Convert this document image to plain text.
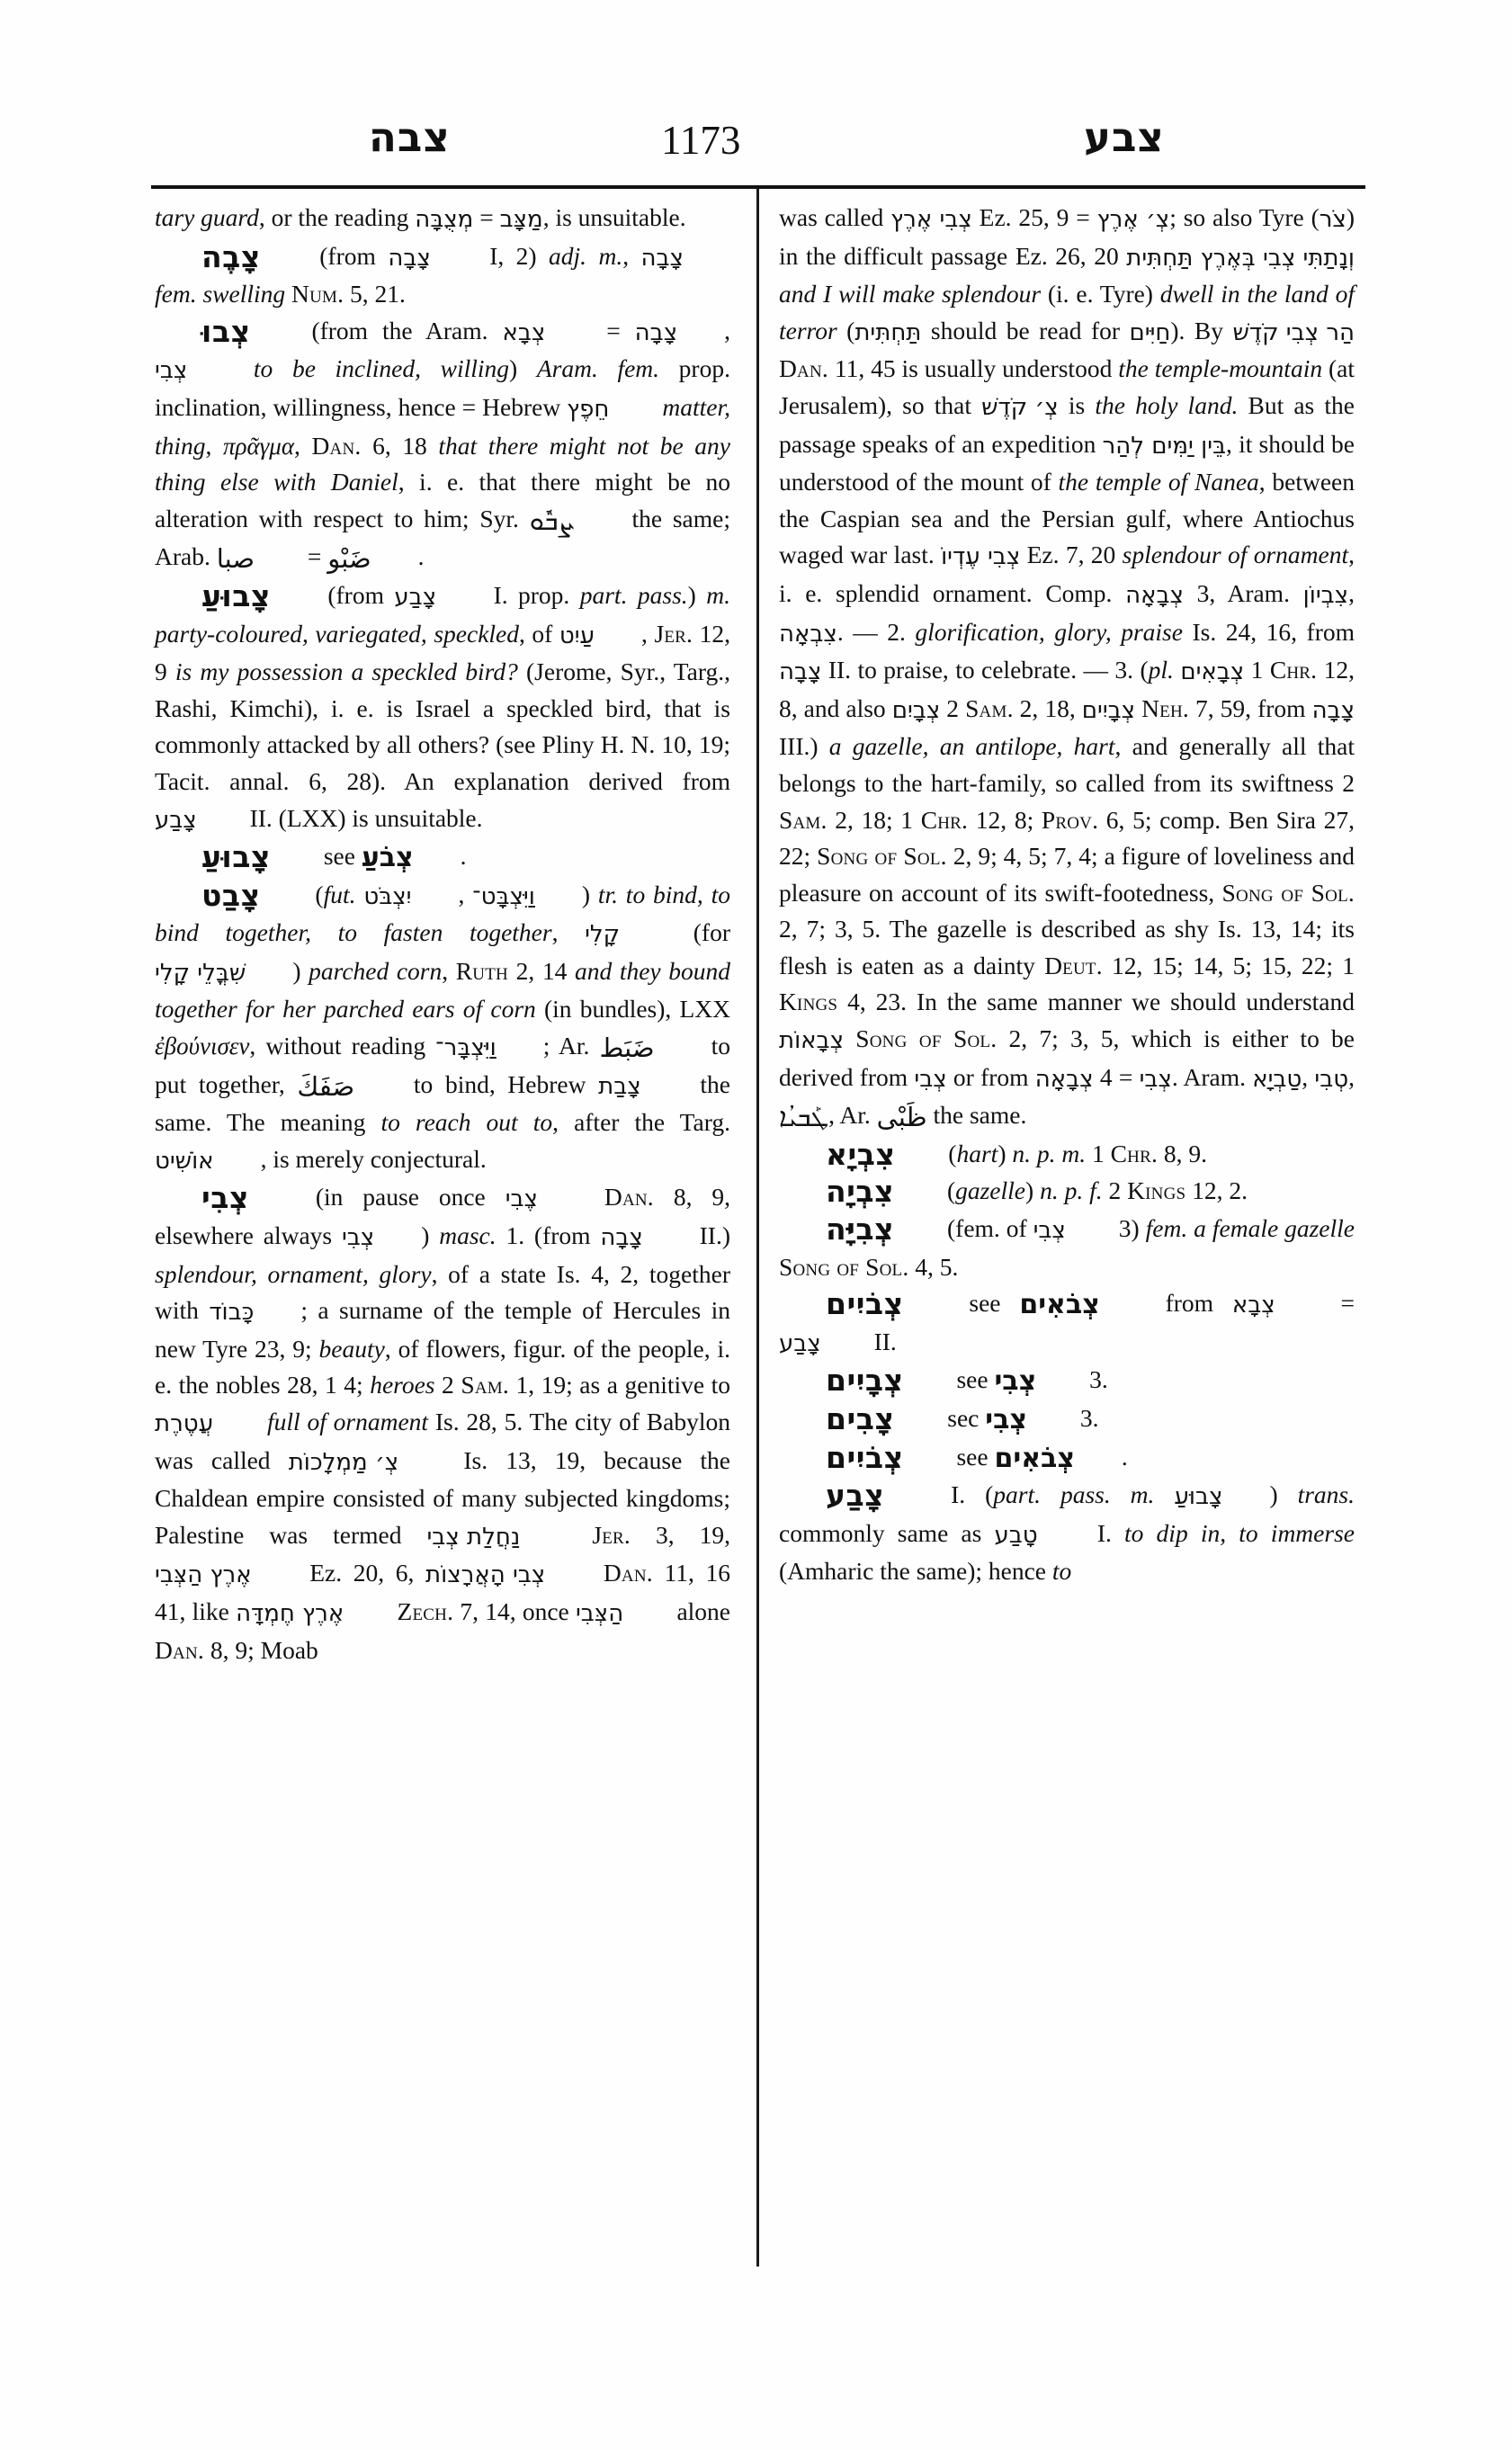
צבה	1173	צבע

tary guard, or the reading מְצֻבָּה = מַצָּב, is unsuitable.

צָבֶה (from צָבָה I, 2) adj. m., צָבָה fem. swelling Num. 5, 21.

צְבוּ (from the Aram. צְבָא = צָבָה , צְבִי	to be inclined, willing) Aram. fem. prop. inclination, willingness, hence = Hebrew חֵפֶץ matter, thing, πρᾶγμα, Dan. 6, 18 that there might not be any thing else with Daniel, i. e. that there might be no alteration with respect to him; Syr. ܨܒܽܘ the same; Arab. صبا = ضَبْو .

צָבוּעַ (from צָבַע I. prop. part. pass.) m. party-coloured, variegated, speckled, of עַיִט , Jer. 12, 9 is my possession a speckled bird? (Jerome, Syr., Targ., Rashi, Kimchi), i. e. is Israel a speckled bird, that is commonly attacked by all others? (see Pliny H. N. 10, 19; Tacit. annal. 6, 28). An explanation derived from צָבַע II. (LXX) is unsuitable.

צָבוּעַ see צְבֹעַ .

צָבַט (fut. יִצְבֹּט , וַיִּצְבָּט־ ) tr. to bind, to bind together, to fasten together, קָלִי (for שִׁבֳּלֵי קָלִי ) parched corn, Ruth 2, 14 and they bound together for her parched ears of corn (in bundles), LXX ἐβούνισεν, without reading וַיִּצְבָּר־ ; Ar. ضَبَط to put together, صَفَكَ to bind, Hebrew צָבַת the same. The meaning to reach out to, after the Targ. אוֹשִׁיט , is merely conjectural.

צְבִי (in pause once צֶבִי	Dan. 8, 9, elsewhere always צְבִי ) masc. 1. (from צָבָה II.) splendour, ornament, glory, of a state Is. 4, 2, together with כָּבוֹד ; a surname of the temple of Hercules in new Tyre 23, 9; beauty, of flowers, figur. of the people, i. e. the nobles 28, 1 4; heroes 2 Sam. 1, 19; as a genitive to עֲטֶרֶת full of ornament Is. 28, 5. The city of Babylon was called צְ׳ מַמְלָכוֹת Is. 13, 19, because the Chaldean empire consisted of many subjected kingdoms; Palestine was termed נַחֲלַת צְבִי	Jer. 3, 19, אֶרֶץ הַצְּבִי Ez. 20, 6, צְבִי הָאֲרָצוֹת Dan. 11, 16 41, like אֶרֶץ חֶמְדָּה Zech. 7, 14, once הַצְּבִי alone Dan. 8, 9; Moab

was called צְבִי אֶרֶץ Ez. 25, 9 = צְ׳ אֶרֶץ; so also Tyre (צֹר) in the difficult passage Ez. 26, 20 וְנָתַתִּי צְבִי בְּאֶרֶץ תַּחְתִּית and I will make splendour (i. e. Tyre) dwell in the land of terror (תַּחְתִּית should be read for חַיִּים). By הַר צְבִי קֹדֶשׁ Dan. 11, 45 is usually understood the temple-mountain (at Jerusalem), so that צְ׳ קֹדֶשׁ is the holy land. But as the passage speaks of an expedition בֵּין יַמִּים לְהַר, it should be understood of the mount of the temple of Nanea, between the Caspian sea and the Persian gulf, where Antiochus waged war last. צְבִי עֶדְיוֹ Ez. 7, 20 splendour of ornament, i. e. splendid ornament. Comp. צְבָאָה 3, Aram. צִבְיוֹן, צִבְאָה. — 2. glorification, glory, praise Is. 24, 16, from צָבָה II. to praise, to celebrate. — 3. (pl. צְבָאִים 1 Chr. 12, 8, and also צְבָיִם 2 Sam. 2, 18, צְבָיִים Neh. 7, 59, from צָבָה III.) a gazelle, an antilope, hart, and generally all that belongs to the hart-family, so called from its swiftness 2 Sam. 2, 18; 1 Chr. 12, 8; Prov. 6, 5; comp. Ben Sira 27, 22; Song of Sol. 2, 9; 4, 5; 7, 4; a figure of loveliness and pleasure on account of its swift-footedness, Song of Sol. 2, 7; 3, 5. The gazelle is described as shy Is. 13, 14; its flesh is eaten as a dainty Deut. 12, 15; 14, 5; 15, 22; 1 Kings 4, 23. In the same manner we should understand צְבָאוֹת Song of Sol. 2, 7; 3, 5, which is either to be derived from צְבִי or from צְבָאָה 4 = צְבִי. Aram. טַבְיָא, טְבִי, ܛܰܒܝܳܐ, Ar. ظَبْى the same.

צִבְיָא (hart) n. p. m. 1 Chr. 8, 9.

צִבְיָה (gazelle) n. p. f. 2 Kings 12, 2.

צְבִיָּה (fem. of צְבִי 3) fem. a female gazelle Song of Sol. 4, 5.

צְבֹיִים see צְבֹאִים from צְבָא = צָבַע II.

צְבָיִים see צְבִי 3.

צָבִים sec צְבִי 3.

צְבֹיִים see צְבֹאִים .

צָבַע I. (part. pass. m. צָבוּעַ ) trans. commonly same as טָבַע I. to dip in, to immerse (Amharic the same); hence to
